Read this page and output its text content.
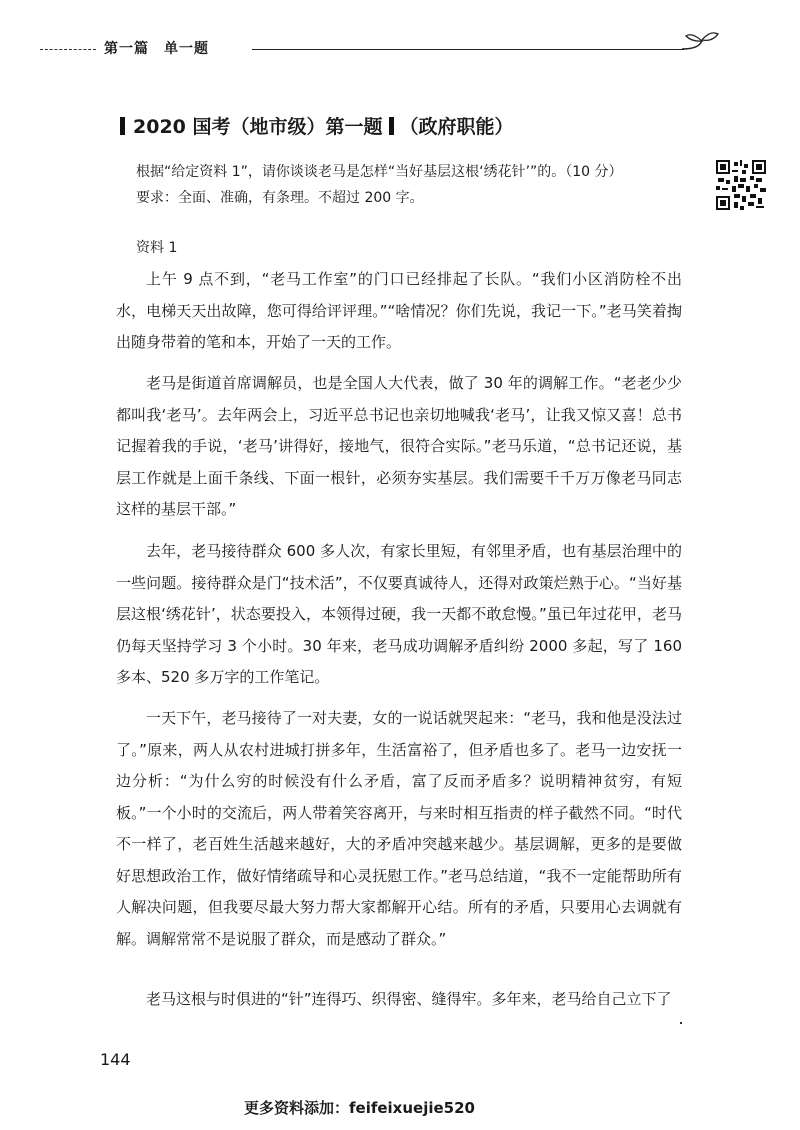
第一篇　单一题
2020 国考（地市级）第一题 （政府职能）
根据“给定资料 1”，请你谈谈老马是怎样“当好基层这根‘绣花针’”的。（10 分）
要求：全面、准确，有条理。不超过 200 字。
资料 1

上午 9 点不到，“老马工作室”的门口已经排起了长队。“我们小区消防栓不出水，电梯天天出故障，您可得给评评理。”“啥情况？你们先说，我记一下。”老马笑着掏出随身带着的笔和本，开始了一天的工作。

老马是街道首席调解员，也是全国人大代表，做了 30 年的调解工作。“老老少少都叫我‘老马’。去年两会上，习近平总书记也亲切地喊我‘老马’，让我又惊又喜！总书记握着我的手说，‘老马’讲得好，接地气，很符合实际。”老马乐道，“总书记还说，基层工作就是上面千条线、下面一根针，必须夯实基层。我们需要千千万万像老马同志这样的基层干部。”

去年，老马接待群众 600 多人次，有家长里短，有邻里矛盾，也有基层治理中的一些问题。接待群众是门“技术活”，不仅要真诚待人，还得对政策烂熟于心。“当好基层这根‘绣花针’，状态要投入，本领得过硬，我一天都不敢怠慢。”虽已年过花甲，老马仍每天坚持学习 3 个小时。30 年来，老马成功调解矛盾纠纷 2000 多起，写了 160 多本、520 多万字的工作笔记。

一天下午，老马接待了一对夫妻，女的一说话就哭起来：“老马，我和他是没法过了。”原来，两人从农村进城打拼多年，生活富裕了，但矛盾也多了。老马一边安抚一边分析：“为什么穷的时候没有什么矛盾，富了反而矛盾多？说明精神贫穷，有短板。”一个小时的交流后，两人带着笑容离开，与来时相互指责的样子截然不同。“时代不一样了，老百姓生活越来越好，大的矛盾冲突越来越少。基层调解，更多的是要做好思想政治工作，做好情绪疏导和心灵抚慰工作。”老马总结道，“我不一定能帮助所有人解决问题，但我要尽最大努力帮大家都解开心结。所有的矛盾，只要用心去调就有解。调解常常不是说服了群众，而是感动了群众。”

老马这根与时俱进的“针”连得巧、织得密、缝得牢。多年来，老马给自己立下了

144
更多资料添加：feifeixuejie520
